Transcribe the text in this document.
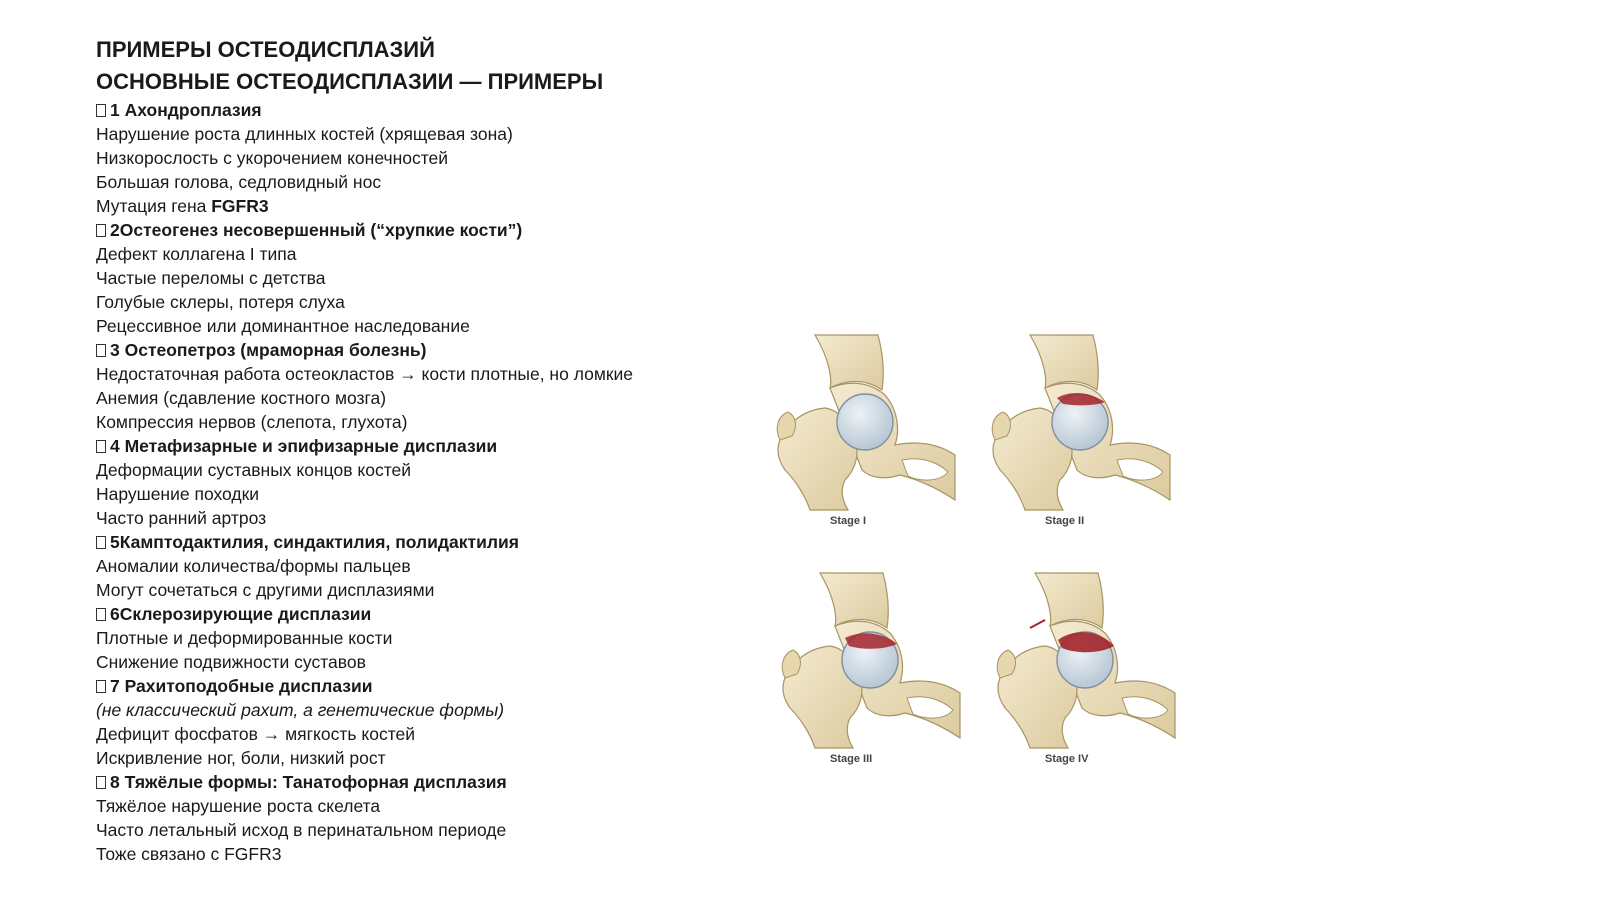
ПРИМЕРЫ ОСТЕОДИСПЛАЗИЙ
ОСНОВНЫЕ ОСТЕОДИСПЛАЗИИ — ПРИМЕРЫ
1 Ахондроплазия
Нарушение роста длинных костей (хрящевая зона)
Низкорослость с укорочением конечностей
Большая голова, седловидный нос
Мутация гена FGFR3
2Остеогенез несовершенный (“хрупкие кости”)
Дефект коллагена I типа
Частые переломы с детства
Голубые склеры, потеря слуха
Рецессивное или доминантное наследование
3 Остеопетроз (мраморная болезнь)
Недостаточная работа остеокластов → кости плотные, но ломкие
Анемия (сдавление костного мозга)
Компрессия нервов (слепота, глухота)
4 Метафизарные и эпифизарные дисплазии
Деформации суставных концов костей
Нарушение походки
Часто ранний артроз
5Камптодактилия, синдактилия, полидактилия
Аномалии количества/формы пальцев
Могут сочетаться с другими дисплазиями
6Склерозирующие дисплазии
Плотные и деформированные кости
Снижение подвижности суставов
7 Рахитоподобные дисплазии
(не классический рахит, а генетические формы)
Дефицит фосфатов → мягкость костей
Искривление ног, боли, низкий рост
8 Тяжёлые формы: Танатофорная дисплазия
Тяжёлое нарушение роста скелета
Часто летальный исход в перинатальном периоде
Тоже связано с FGFR3
Stage I	Stage II
Stage III	Stage IV
